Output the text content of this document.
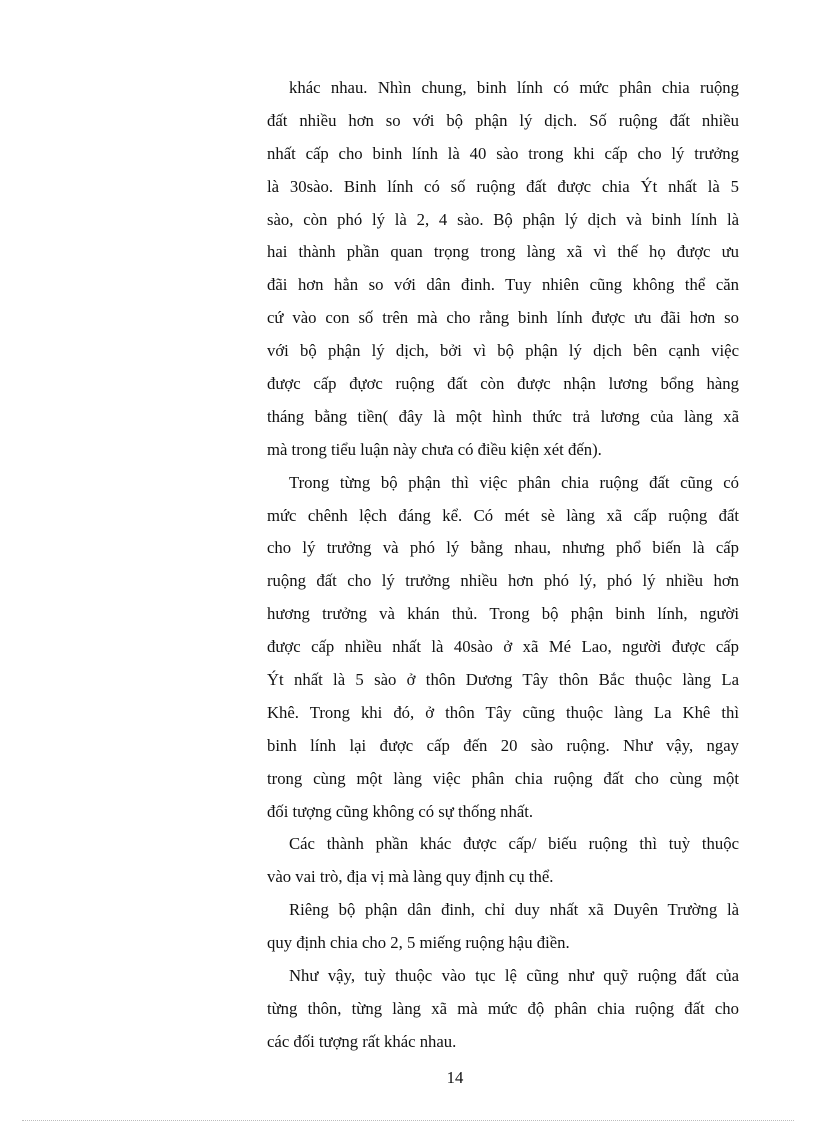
khác nhau. Nhìn chung, binh lính có mức phân chia ruộng
đất nhiều hơn so với bộ phận lý dịch. Số ruộng đất nhiều
nhất cấp cho binh lính là 40 sào trong khi cấp cho lý trưởng
là 30sào. Binh lính có số ruộng đất được chia Ýt nhất là 5
sào, còn phó lý là 2, 4 sào. Bộ phận lý dịch và binh lính là
hai thành phần quan trọng trong làng xã vì thế họ được ưu
đãi hơn hẳn so với dân đinh. Tuy nhiên cũng không thể căn
cứ vào con số trên mà cho rằng binh lính được ưu đãi hơn so
với bộ phận lý dịch, bởi vì bộ phận lý dịch bên cạnh việc
được cấp đựơc ruộng đất còn được nhận lương bổng hàng
tháng bằng tiền( đây là một hình thức trả lương của làng xã
mà trong tiểu luận này chưa có điều kiện xét đến).
Trong từng bộ phận thì việc phân chia ruộng đất cũng có
mức chênh lệch đáng kể. Có mét sè làng xã cấp ruộng đất
cho lý trưởng và phó lý bằng nhau, nhưng phổ biến là cấp
ruộng đất cho lý trưởng nhiều hơn phó lý, phó lý nhiều hơn
hương trưởng và khán thủ. Trong bộ phận binh lính, người
được cấp nhiều nhất là 40sào ở xã Mé Lao, người được cấp
Ýt nhất là 5 sào ở thôn Dương Tây thôn Bắc thuộc làng La
Khê. Trong khi đó, ở thôn Tây cũng thuộc làng La Khê thì
binh lính lại được cấp đến 20 sào ruộng. Như vậy, ngay
trong cùng một làng việc phân chia ruộng đất cho cùng một
đối tượng cũng không có sự thống nhất.
Các thành phần khác được cấp/ biếu ruộng thì tuỳ thuộc
vào vai trò, địa vị mà làng quy định cụ thể.
Riêng bộ phận dân đinh, chỉ duy nhất xã Duyên Trường là
quy định chia cho 2, 5 miếng ruộng hậu điền.
Như vậy, tuỳ thuộc vào tục lệ cũng như quỹ ruộng đất của
từng thôn, từng làng xã mà mức độ phân chia ruộng đất cho
các đối tượng rất khác nhau.
14
